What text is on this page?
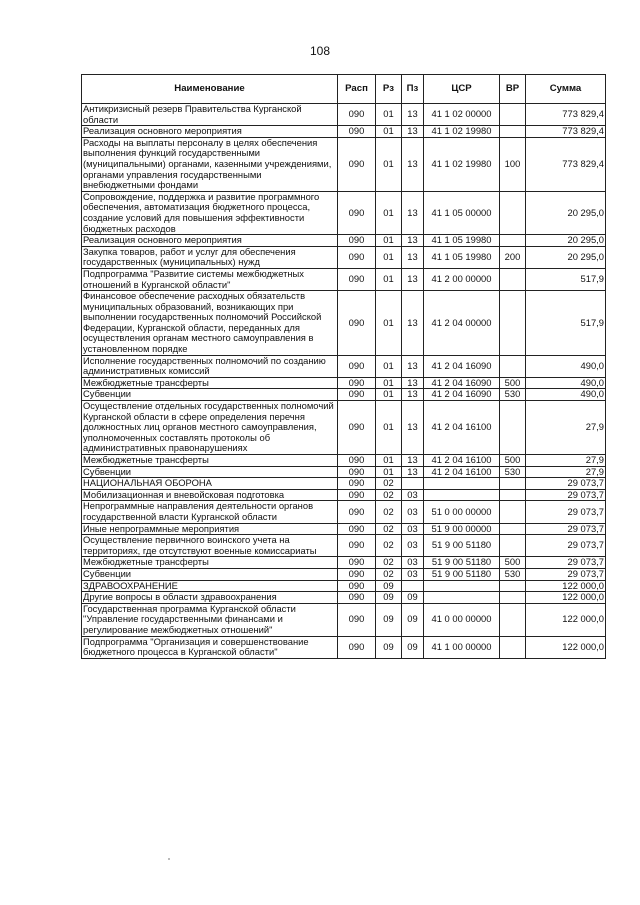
108
Наименование	Расп	Рз	Пз	ЦСР	ВР	Сумма
Антикризисный резерв Правительства Курганской области	090	01	13	41 1 02 00000		773 829,4
Реализация основного мероприятия	090	01	13	41 1 02 19980		773 829,4
Расходы на выплаты персоналу в целях обеспечения выполнения функций государственными (муниципальными) органами, казенными учреждениями, органами управления государственными внебюджетными фондами	090	01	13	41 1 02 19980	100	773 829,4
Сопровождение, поддержка и развитие программного обеспечения, автоматизация бюджетного процесса, создание условий для повышения эффективности бюджетных расходов	090	01	13	41 1 05 00000		20 295,0
Реализация основного мероприятия	090	01	13	41 1 05 19980		20 295,0
Закупка товаров, работ и услуг для обеспечения государственных (муниципальных) нужд	090	01	13	41 1 05 19980	200	20 295,0
Подпрограмма "Развитие системы межбюджетных отношений в Курганской области"	090	01	13	41 2 00 00000		517,9
Финансовое обеспечение расходных обязательств муниципальных образований, возникающих при выполнении государственных полномочий Российской Федерации, Курганской области, переданных для осуществления органам местного самоуправления в установленном порядке	090	01	13	41 2 04 00000		517,9
Исполнение государственных полномочий по созданию административных комиссий	090	01	13	41 2 04 16090		490,0
Межбюджетные трансферты	090	01	13	41 2 04 16090	500	490,0
Субвенции	090	01	13	41 2 04 16090	530	490,0
Осуществление отдельных государственных полномочий Курганской области в сфере определения перечня должностных лиц органов местного самоуправления, уполномоченных составлять протоколы об административных правонарушениях	090	01	13	41 2 04 16100		27,9
Межбюджетные трансферты	090	01	13	41 2 04 16100	500	27,9
Субвенции	090	01	13	41 2 04 16100	530	27,9
НАЦИОНАЛЬНАЯ ОБОРОНА	090	02				29 073,7
Мобилизационная и вневойсковая подготовка	090	02	03			29 073,7
Непрограммные направления деятельности органов государственной власти Курганской области	090	02	03	51 0 00 00000		29 073,7
Иные непрограммные мероприятия	090	02	03	51 9 00 00000		29 073,7
Осуществление первичного воинского учета на территориях, где отсутствуют военные комиссариаты	090	02	03	51 9 00 51180		29 073,7
Межбюджетные трансферты	090	02	03	51 9 00 51180	500	29 073,7
Субвенции	090	02	03	51 9 00 51180	530	29 073,7
ЗДРАВООХРАНЕНИЕ	090	09				122 000,0
Другие вопросы в области здравоохранения	090	09	09			122 000,0
Государственная программа Курганской области "Управление государственными финансами и регулирование межбюджетных отношений"	090	09	09	41 0 00 00000		122 000,0
Подпрограмма "Организация и совершенствование бюджетного процесса в Курганской области"	090	09	09	41 1 00 00000		122 000,0
